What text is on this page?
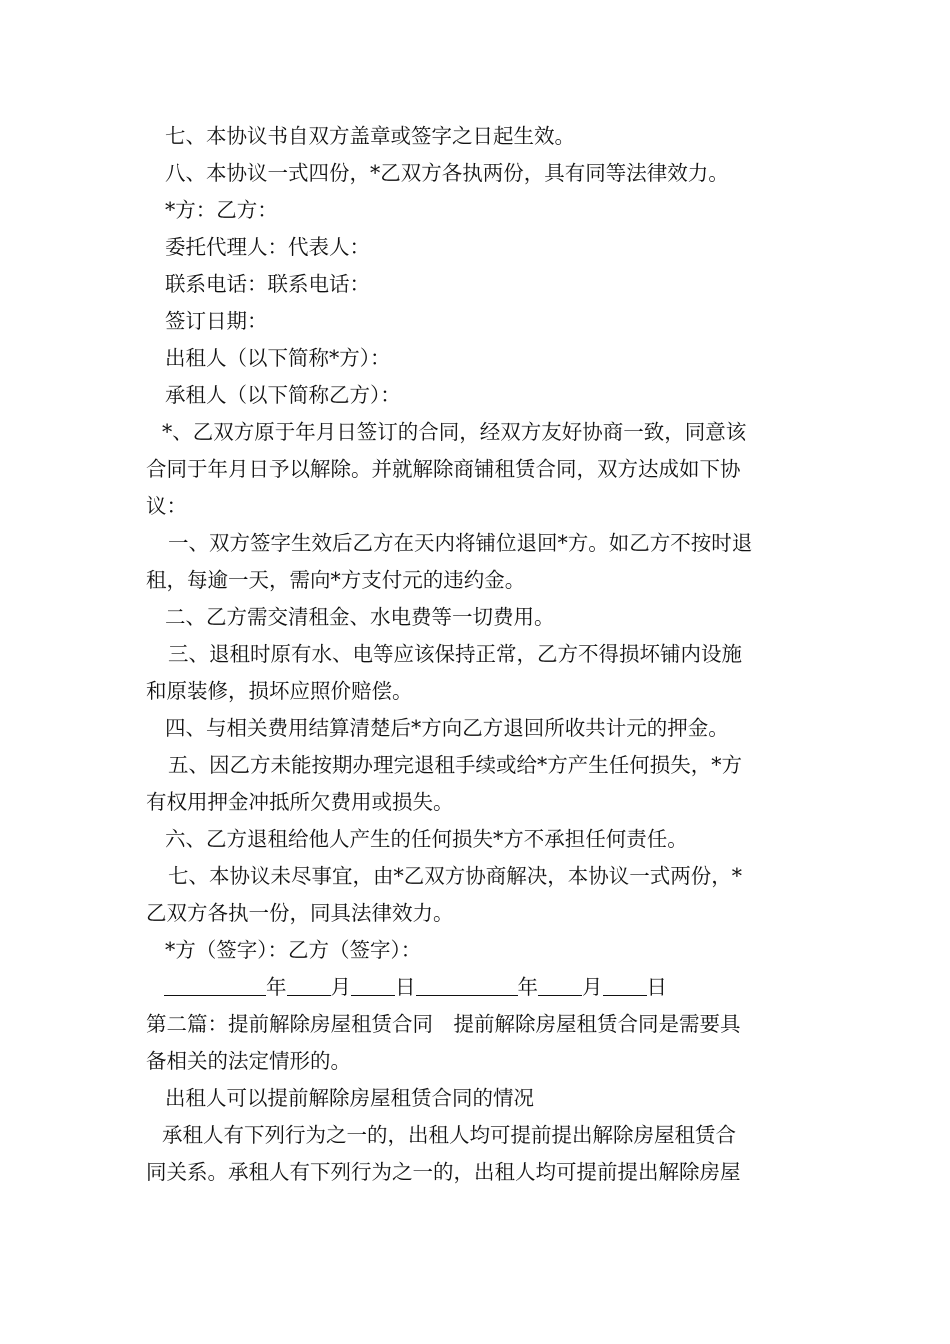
七、本协议书自双方盖章或签字之日起生效。
八、本协议一式四份，*乙双方各执两份，具有同等法律效力。
*方：乙方：
委托代理人：代表人：
联系电话：联系电话：
签订日期：
出租人（以下简称*方）：
承租人（以下简称乙方）：
*、乙双方原于年月日签订的合同，经双方友好协商一致，同意该
合同于年月日予以解除。并就解除商铺租赁合同，双方达成如下协
议：
一、双方签字生效后乙方在天内将铺位退回*方。如乙方不按时退
租，每逾一天，需向*方支付元的违约金。
二、乙方需交清租金、水电费等一切费用。
三、退租时原有水、电等应该保持正常，乙方不得损坏铺内设施
和原装修，损坏应照价赔偿。
四、与相关费用结算清楚后*方向乙方退回所收共计元的押金。
五、因乙方未能按期办理完退租手续或给*方产生任何损失，*方
有权用押金冲抵所欠费用或损失。
六、乙方退租给他人产生的任何损失*方不承担任何责任。
七、本协议未尽事宜，由*乙双方协商解决，本协议一式两份，*
乙双方各执一份，同具法律效力。
*方（签字）：乙方（签字）：
年 月 日	年 月 日
第二篇：提前解除房屋租赁合同　提前解除房屋租赁合同是需要具
备相关的法定情形的。
出租人可以提前解除房屋租赁合同的情况
承租人有下列行为之一的，出租人均可提前提出解除房屋租赁合
同关系。承租人有下列行为之一的，出租人均可提前提出解除房屋
